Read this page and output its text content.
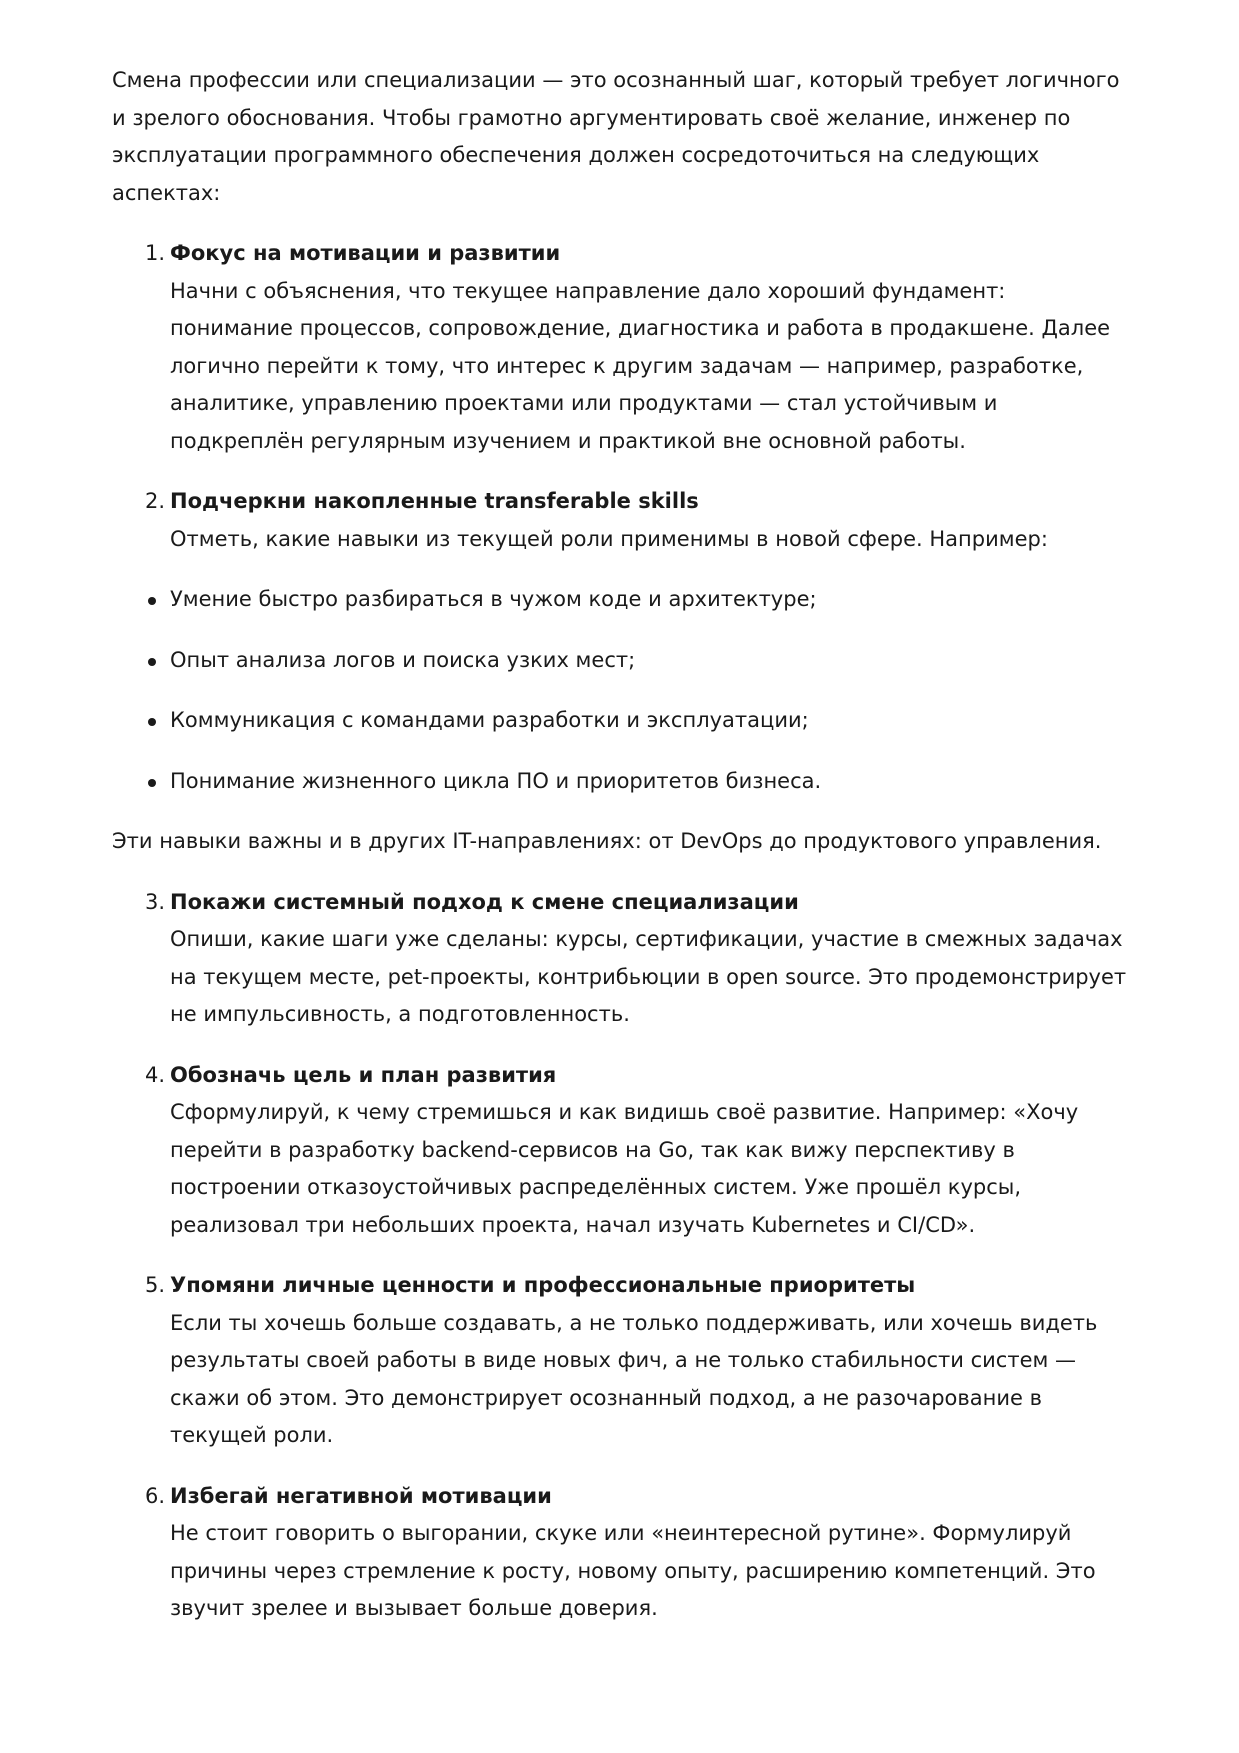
Смена профессии или специализации — это осознанный шаг, который требует логичного и зрелого обоснования. Чтобы грамотно аргументировать своё желание, инженер по эксплуатации программного обеспечения должен сосредоточиться на следующих аспектах:

1. Фокус на мотивации и развитии
Начни с объяснения, что текущее направление дало хороший фундамент: понимание процессов, сопровождение, диагностика и работа в продакшене. Далее логично перейти к тому, что интерес к другим задачам — например, разработке, аналитике, управлению проектами или продуктами — стал устойчивым и подкреплён регулярным изучением и практикой вне основной работы.
2. Подчеркни накопленные transferable skills
Отметь, какие навыки из текущей роли применимы в новой сфере. Например:
Умение быстро разбираться в чужом коде и архитектуре;
Опыт анализа логов и поиска узких мест;
Коммуникация с командами разработки и эксплуатации;
Понимание жизненного цикла ПО и приоритетов бизнеса.

Эти навыки важны и в других IT-направлениях: от DevOps до продуктового управления.

3. Покажи системный подход к смене специализации
Опиши, какие шаги уже сделаны: курсы, сертификации, участие в смежных задачах на текущем месте, pet-проекты, контрибьюции в open source. Это продемонстрирует не импульсивность, а подготовленность.
4. Обозначь цель и план развития
Сформулируй, к чему стремишься и как видишь своё развитие. Например: «Хочу перейти в разработку backend-сервисов на Go, так как вижу перспективу в построении отказоустойчивых распределённых систем. Уже прошёл курсы, реализовал три небольших проекта, начал изучать Kubernetes и CI/CD».
5. Упомяни личные ценности и профессиональные приоритеты
Если ты хочешь больше создавать, а не только поддерживать, или хочешь видеть результаты своей работы в виде новых фич, а не только стабильности систем — скажи об этом. Это демонстрирует осознанный подход, а не разочарование в текущей роли.
6. Избегай негативной мотивации
Не стоит говорить о выгорании, скуке или «неинтересной рутине». Формулируй причины через стремление к росту, новому опыту, расширению компетенций. Это звучит зрелее и вызывает больше доверия.
